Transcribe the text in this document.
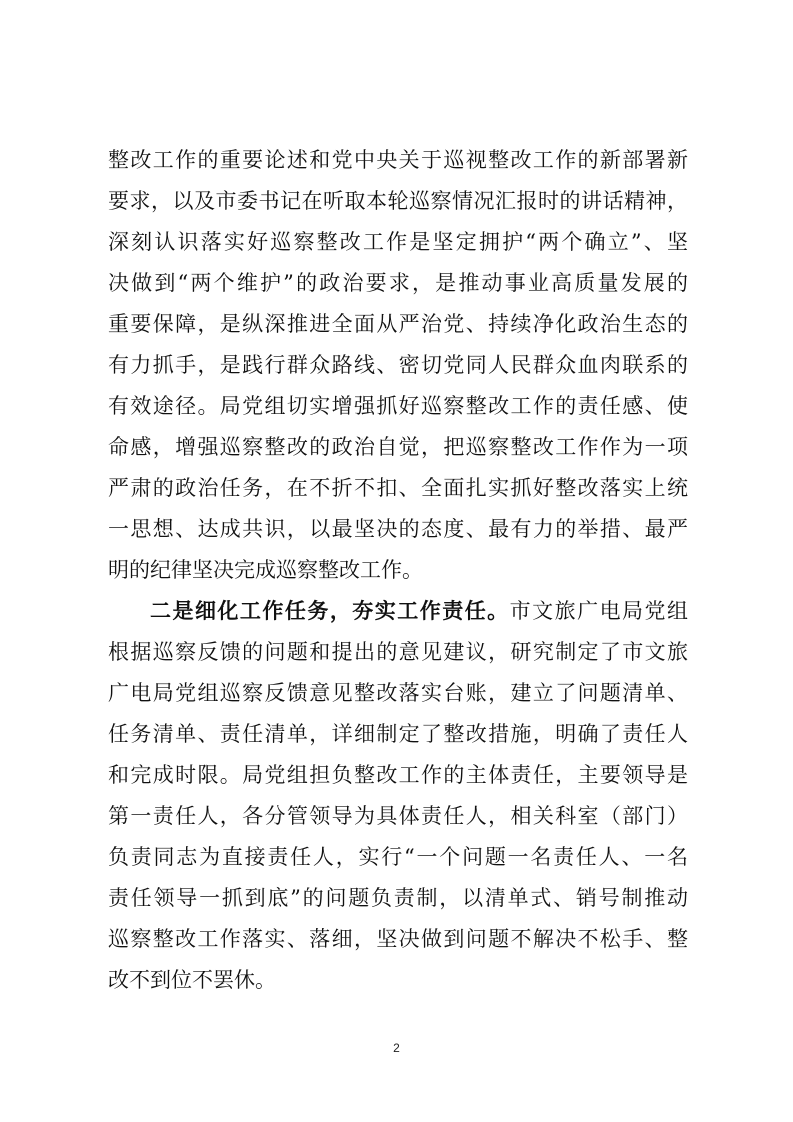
整改工作的重要论述和党中央关于巡视整改工作的新部署新
要求，以及市委书记在听取本轮巡察情况汇报时的讲话精神，
深刻认识落实好巡察整改工作是坚定拥护“两个确立”、坚
决做到“两个维护”的政治要求，是推动事业高质量发展的
重要保障，是纵深推进全面从严治党、持续净化政治生态的
有力抓手，是践行群众路线、密切党同人民群众血肉联系的
有效途径。局党组切实增强抓好巡察整改工作的责任感、使
命感，增强巡察整改的政治自觉，把巡察整改工作作为一项
严肃的政治任务，在不折不扣、全面扎实抓好整改落实上统
一思想、达成共识，以最坚决的态度、最有力的举措、最严
明的纪律坚决完成巡察整改工作。
二是细化工作任务，夯实工作责任。市文旅广电局党组
根据巡察反馈的问题和提出的意见建议，研究制定了市文旅
广电局党组巡察反馈意见整改落实台账，建立了问题清单、
任务清单、责任清单，详细制定了整改措施，明确了责任人
和完成时限。局党组担负整改工作的主体责任，主要领导是
第一责任人，各分管领导为具体责任人，相关科室（部门）
负责同志为直接责任人，实行“一个问题一名责任人、一名
责任领导一抓到底”的问题负责制，以清单式、销号制推动
巡察整改工作落实、落细，坚决做到问题不解决不松手、整
改不到位不罢休。
2
